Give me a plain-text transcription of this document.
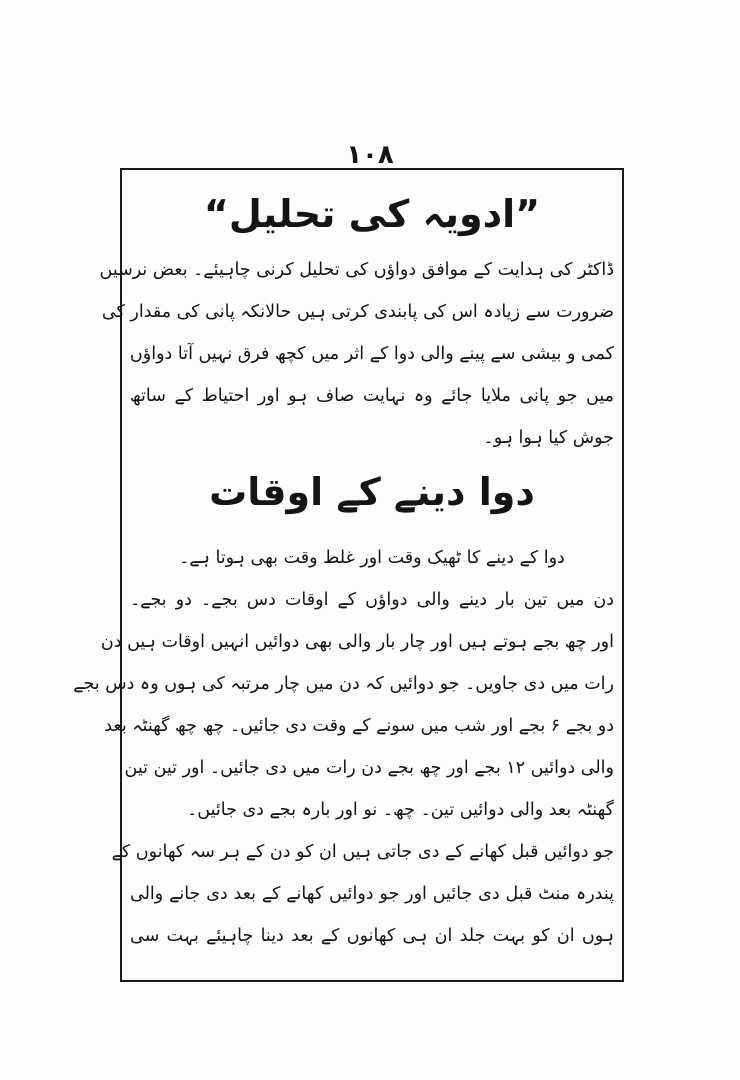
١٠٨
”ادویہ کی تحلیل“
ڈاکٹر کی ہدایت کے موافق دواؤں کی تحلیل کرنی چاہیئے۔ بعض نرسیں
ضرورت سے زیادہ اس کی پابندی کرتی ہیں حالانکہ پانی کی مقدار کی
کمی و بیشی سے پینے والی دوا کے اثر میں کچھ فرق نہیں آتا دواؤں
میں جو پانی ملایا جائے وہ نہایت صاف ہو اور احتیاط کے ساتھ
جوش کیا ہوا ہو۔
دوا دینے کے اوقات
دوا کے دینے کا ٹھیک وقت اور غلط وقت بھی ہوتا ہے۔
دن میں تین بار دینے والی دواؤں کے اوقات دس بجے۔ دو بجے۔
اور چھ بجے ہوتے ہیں اور چار بار والی بھی دوائیں انہیں اوقات ہیں دن
رات میں دی جاویں۔ جو دوائیں کہ دن میں چار مرتبہ کی ہوں وہ دس بجے
دو بجے ۶ بجے اور شب میں سونے کے وقت دی جائیں۔ چھ چھ گھنٹہ بعد
والی دوائیں ۱۲ بجے اور چھ بجے دن رات میں دی جائیں۔ اور تین تین
گھنٹہ بعد والی دوائیں تین۔ چھ۔ نو اور بارہ بجے دی جائیں۔
جو دوائیں قبل کھانے کے دی جاتی ہیں ان کو دن کے ہر سہ کھانوں کے
پندرہ منٹ قبل دی جائیں اور جو دوائیں کھانے کے بعد دی جانے والی
ہوں ان کو بہت جلد ان ہی کھانوں کے بعد دینا چاہیئے بہت سی
